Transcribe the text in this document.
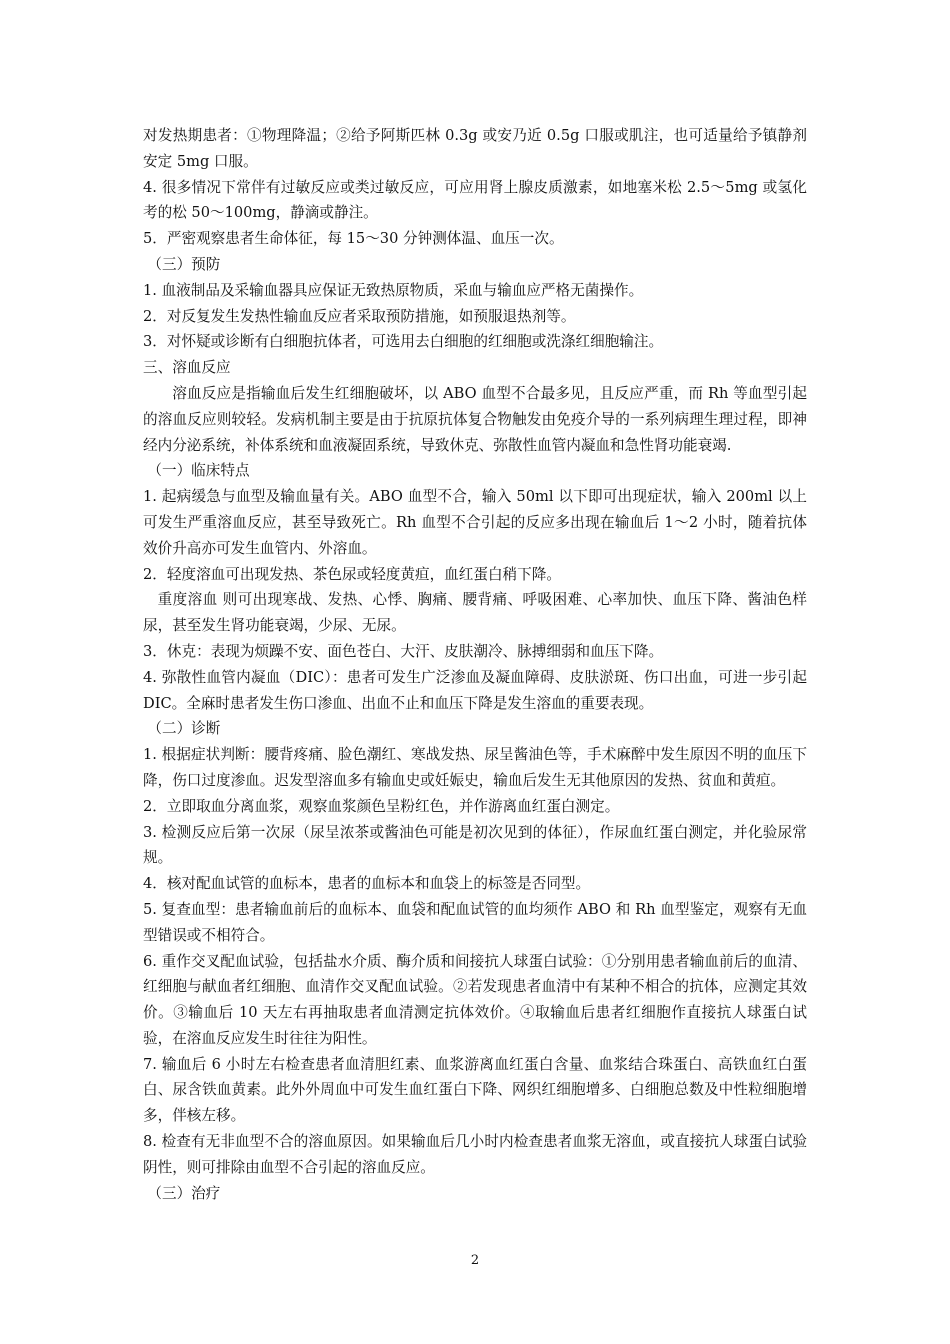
对发热期患者：①物理降温；②给予阿斯匹林 0.3g 或安乃近 0.5g 口服或肌注，也可适量给予镇静剂安定 5mg 口服。

4. 很多情况下常伴有过敏反应或类过敏反应，可应用肾上腺皮质激素，如地塞米松 2.5～5mg 或氢化考的松 50～100mg，静滴或静注。

5．严密观察患者生命体征，每 15～30 分钟测体温、血压一次。

（三）预防

1. 血液制品及采输血器具应保证无致热原物质，采血与输血应严格无菌操作。

2．对反复发生发热性输血反应者采取预防措施，如预服退热剂等。

3．对怀疑或诊断有白细胞抗体者，可选用去白细胞的红细胞或洗涤红细胞输注。

三、溶血反应

溶血反应是指输血后发生红细胞破坏，以 ABO 血型不合最多见，且反应严重，而 Rh 等血型引起的溶血反应则较轻。发病机制主要是由于抗原抗体复合物触发由免疫介导的一系列病理生理过程，即神经内分泌系统，补体系统和血液凝固系统，导致休克、弥散性血管内凝血和急性肾功能衰竭.

（一）临床特点

1. 起病缓急与血型及输血量有关。ABO 血型不合，输入 50ml 以下即可出现症状，输入 200ml 以上可发生严重溶血反应，甚至导致死亡。Rh 血型不合引起的反应多出现在输血后 1～2 小时，随着抗体效价升高亦可发生血管内、外溶血。

2．轻度溶血可出现发热、茶色尿或轻度黄疸，血红蛋白稍下降。

重度溶血 则可出现寒战、发热、心悸、胸痛、腰背痛、呼吸困难、心率加快、血压下降、酱油色样尿，甚至发生肾功能衰竭，少尿、无尿。

3．休克：表现为烦躁不安、面色苍白、大汗、皮肤潮冷、脉搏细弱和血压下降。

4. 弥散性血管内凝血（DIC）：患者可发生广泛渗血及凝血障碍、皮肤淤斑、伤口出血，可进一步引起 DIC。全麻时患者发生伤口渗血、出血不止和血压下降是发生溶血的重要表现。

（二）诊断

1. 根据症状判断：腰背疼痛、脸色潮红、寒战发热、尿呈酱油色等，手术麻醉中发生原因不明的血压下降，伤口过度渗血。迟发型溶血多有输血史或妊娠史，输血后发生无其他原因的发热、贫血和黄疸。

2．立即取血分离血浆，观察血浆颜色呈粉红色，并作游离血红蛋白测定。

3. 检测反应后第一次尿（尿呈浓茶或酱油色可能是初次见到的体征），作尿血红蛋白测定，并化验尿常规。

4．核对配血试管的血标本，患者的血标本和血袋上的标签是否同型。

5. 复查血型：患者输血前后的血标本、血袋和配血试管的血均须作 ABO 和 Rh 血型鉴定，观察有无血型错误或不相符合。

6. 重作交叉配血试验，包括盐水介质、酶介质和间接抗人球蛋白试验：①分别用患者输血前后的血清、红细胞与献血者红细胞、血清作交叉配血试验。②若发现患者血清中有某种不相合的抗体，应测定其效价。③输血后 10 天左右再抽取患者血清测定抗体效价。④取输血后患者红细胞作直接抗人球蛋白试验，在溶血反应发生时往往为阳性。

7. 输血后 6 小时左右检查患者血清胆红素、血浆游离血红蛋白含量、血浆结合珠蛋白、高铁血红白蛋白、尿含铁血黄素。此外外周血中可发生血红蛋白下降、网织红细胞增多、白细胞总数及中性粒细胞增多，伴核左移。

8. 检查有无非血型不合的溶血原因。如果输血后几小时内检查患者血浆无溶血，或直接抗人球蛋白试验阴性，则可排除由血型不合引起的溶血反应。

（三）治疗

2
